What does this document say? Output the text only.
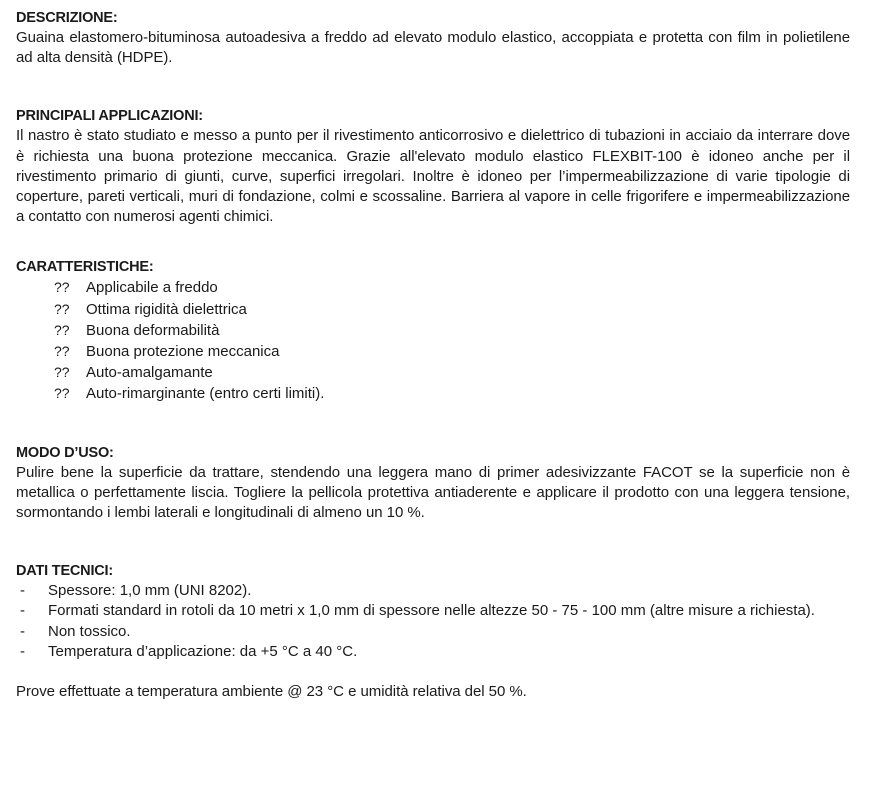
DESCRIZIONE:

Guaina elastomero-bituminosa autoadesiva a freddo ad elevato modulo elastico, accoppiata e protetta con film in polietilene ad alta densità (HDPE).

PRINCIPALI APPLICAZIONI:

Il nastro è stato studiato e messo a punto per il rivestimento anticorrosivo e dielettrico di tubazioni in acciaio da interrare dove è richiesta una buona protezione meccanica. Grazie all'elevato modulo elastico FLEXBIT-100 è idoneo anche per il rivestimento primario di giunti, curve, superfici irregolari. Inoltre è idoneo per l’impermeabilizzazione di varie tipologie di coperture, pareti verticali, muri di fondazione, colmi e scossaline. Barriera al vapore in celle frigorifere e impermeabilizzazione a contatto con numerosi agenti chimici.

CARATTERISTICHE:
??	Applicabile a freddo
??	Ottima rigidità dielettrica
??	Buona deformabilità
??	Buona protezione meccanica
??	Auto-amalgamante
??	Auto-rimarginante (entro certi limiti).
MODO D’USO:

Pulire bene la superficie da trattare, stendendo una leggera mano di primer adesivizzante FACOT se la superficie non è metallica o perfettamente liscia. Togliere la pellicola protettiva antiaderente e applicare il prodotto con una leggera tensione, sormontando i lembi laterali e longitudinali di almeno un 10 %.

DATI TECNICI:
-	Spessore: 1,0 mm (UNI 8202).
-	Formati standard in rotoli da 10 metri x 1,0 mm di spessore nelle altezze 50 - 75 - 100 mm (altre misure a richiesta).
-	Non tossico.
-	Temperatura d’applicazione: da +5 °C a 40 °C.

Prove effettuate a temperatura ambiente @ 23 °C e umidità relativa del 50 %.
